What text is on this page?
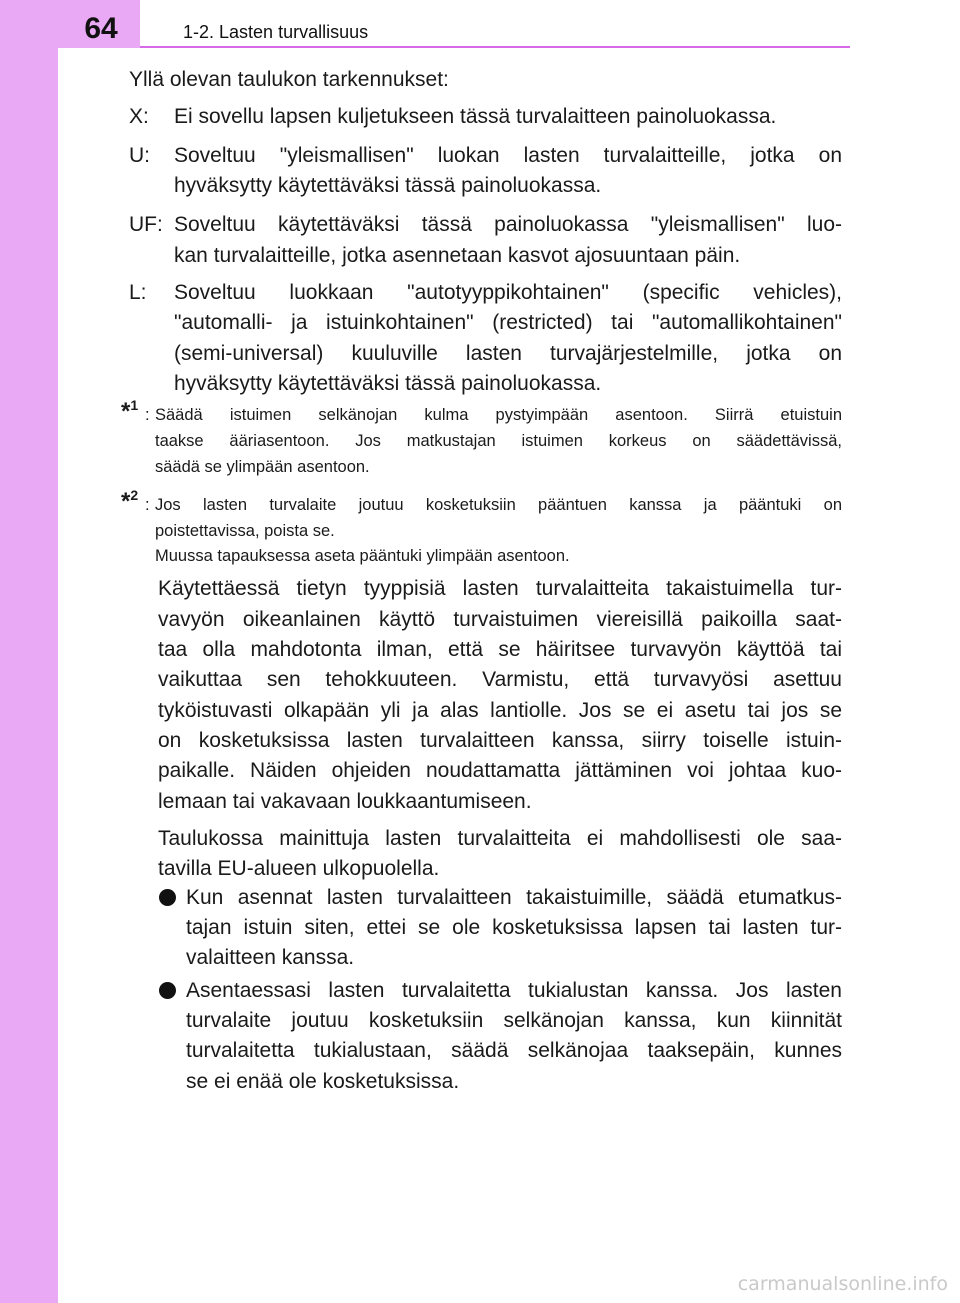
64	1-2. Lasten turvallisuus
Yllä olevan taulukon tarkennukset:
X: Ei sovellu lapsen kuljetukseen tässä turvalaitteen painoluokassa.
U: Soveltuu "yleismallisen" luokan lasten turvalaitteille, jotka on
hyväksytty käytettäväksi tässä painoluokassa.
UF: Soveltuu käytettäväksi tässä painoluokassa "yleismallisen" luo-
kan turvalaitteille, jotka asennetaan kasvot ajosuuntaan päin.
L: Soveltuu luokkaan "autotyyppikohtainen" (specific vehicles),
"automalli- ja istuinkohtainen" (restricted) tai "automallikohtainen"
(semi-universal) kuuluville lasten turvajärjestelmille, jotka on
hyväksytty käytettäväksi tässä painoluokassa.
*$^1$
: Säädä istuimen selkänojan kulma pystyimpään asentoon. Siirrä etuistuin
taakse ääriasentoon. Jos matkustajan istuimen korkeus on säädettävissä,
säädä se ylimpään asentoon.
*$^2$
: Jos lasten turvalaite joutuu kosketuksiin pääntuen kanssa ja pääntuki on
poistettavissa, poista se.
Muussa tapauksessa aseta pääntuki ylimpään asentoon.
Käytettäessä tietyn tyyppisiä lasten turvalaitteita takaistuimella tur-
vavyön oikeanlainen käyttö turvaistuimen viereisillä paikoilla saat-
taa olla mahdotonta ilman, että se häiritsee turvavyön käyttöä tai
vaikuttaa sen tehokkuuteen. Varmistu, että turvavyösi asettuu
tyköistuvasti olkapään yli ja alas lantiolle. Jos se ei asetu tai jos se
on kosketuksissa lasten turvalaitteen kanssa, siirry toiselle istuin-
paikalle. Näiden ohjeiden noudattamatta jättäminen voi johtaa kuo-
lemaan tai vakavaan loukkaantumiseen.
Taulukossa mainittuja lasten turvalaitteita ei mahdollisesti ole saa-
tavilla EU-alueen ulkopuolella.
Kun asennat lasten turvalaitteen takaistuimille, säädä etumatkus-
tajan istuin siten, ettei se ole kosketuksissa lapsen tai lasten tur-
valaitteen kanssa.
Asentaessasi lasten turvalaitetta tukialustan kanssa. Jos lasten
turvalaite joutuu kosketuksiin selkänojan kanssa, kun kiinnität
turvalaitetta tukialustaan, säädä selkänojaa taaksepäin, kunnes
se ei enää ole kosketuksissa.
carmanualsonline.info
